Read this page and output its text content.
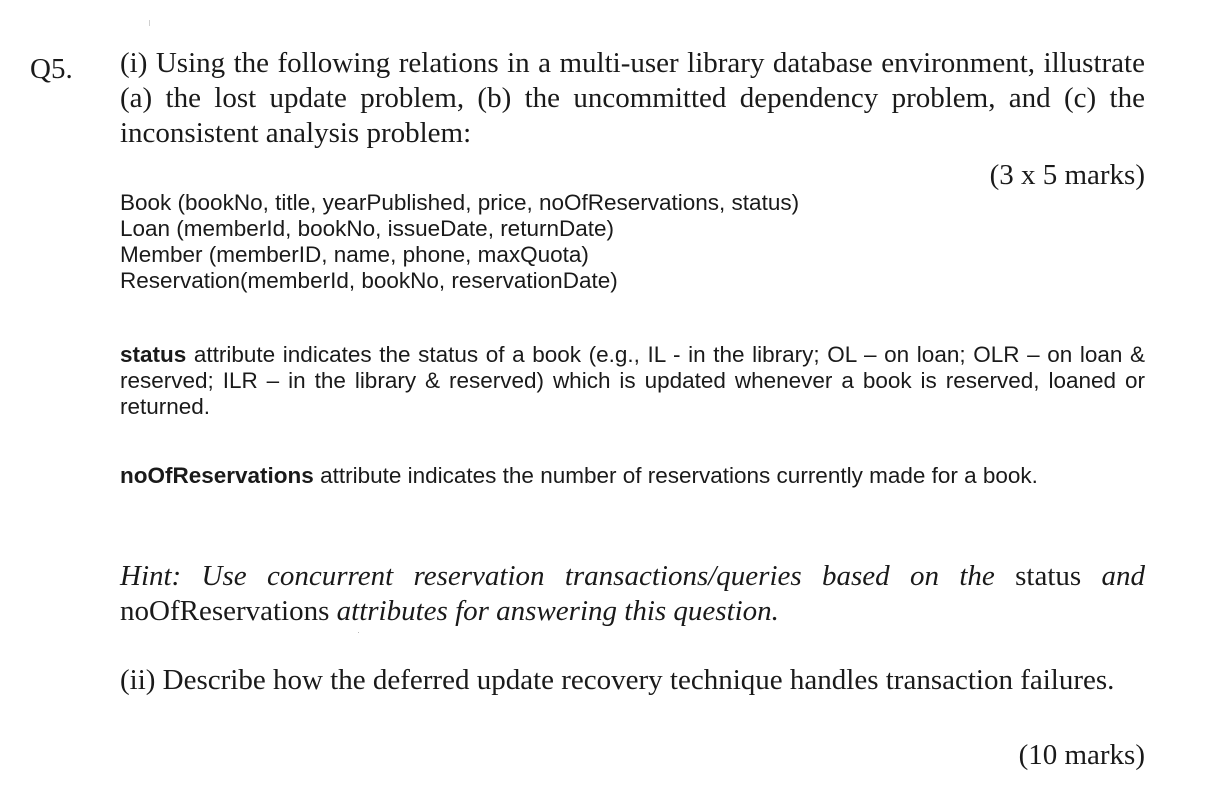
Q5. (i) Using the following relations in a multi-user library database environment, illustrate (a) the lost update problem, (b) the uncommitted dependency problem, and (c) the inconsistent analysis problem:
(3 x 5 marks)
Book (bookNo, title, yearPublished, price, noOfReservations, status)
Loan (memberId, bookNo, issueDate, returnDate)
Member (memberID, name, phone, maxQuota)
Reservation(memberId, bookNo, reservationDate)
status attribute indicates the status of a book (e.g., IL - in the library; OL – on loan; OLR – on loan & reserved; ILR – in the library & reserved) which is updated whenever a book is reserved, loaned or returned.
noOfReservations attribute indicates the number of reservations currently made for a book.
Hint: Use concurrent reservation transactions/queries based on the status and noOfReservations attributes for answering this question.
(ii) Describe how the deferred update recovery technique handles transaction failures.
(10 marks)
